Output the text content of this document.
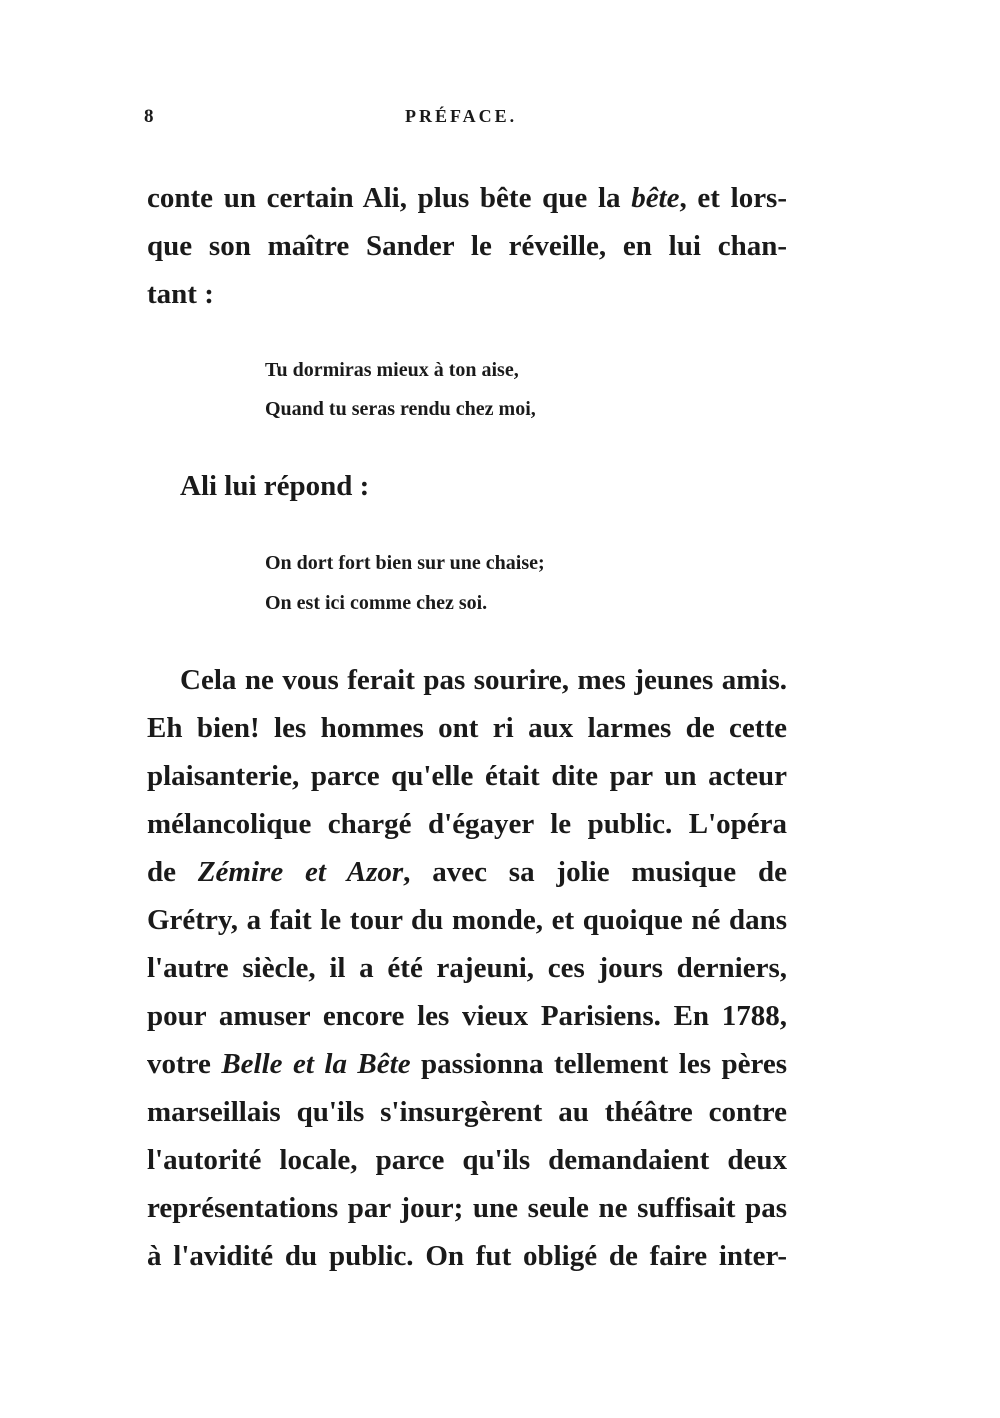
8	PRÉFACE.
conte un certain Ali, plus bête que la bête, et lors-
que son maître Sander le réveille, en lui chan-
tant :
Tu dormiras mieux à ton aise,
Quand tu seras rendu chez moi,
Ali lui répond :
On dort fort bien sur une chaise;
On est ici comme chez soi.
Cela ne vous ferait pas sourire, mes jeunes amis.
Eh bien! les hommes ont ri aux larmes de cette
plaisanterie, parce qu'elle était dite par un acteur
mélancolique chargé d'égayer le public. L'opéra
de Zémire et Azor, avec sa jolie musique de
Grétry, a fait le tour du monde, et quoique né dans
l'autre siècle, il a été rajeuni, ces jours derniers,
pour amuser encore les vieux Parisiens. En 1788,
votre Belle et la Bête passionna tellement les pères
marseillais qu'ils s'insurgèrent au théâtre contre
l'autorité locale, parce qu'ils demandaient deux
représentations par jour; une seule ne suffisait pas
à l'avidité du public. On fut obligé de faire inter-
